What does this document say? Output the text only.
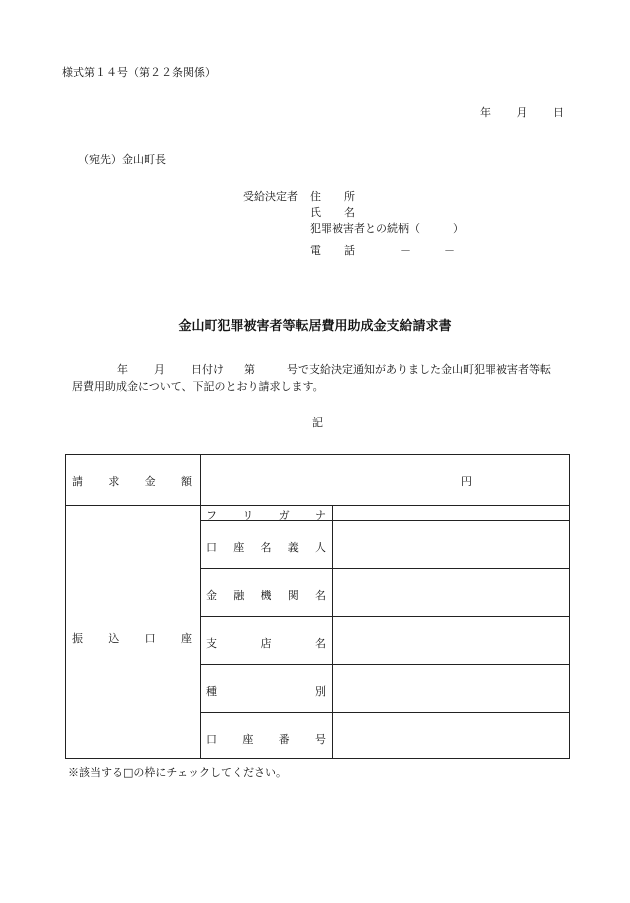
様式第１４号（第２２条関係）
年 月 日
（宛先）金山町長
受給決定者 住 所
氏 名
犯罪被害者との続柄（　　　）
電 話	－	－
金山町犯罪被害者等転居費用助成金支給請求書
年 月 日付け 第	号で支給決定通知がありました金山町犯罪被害者等転
居費用助成金について、下記のとおり請求します。
記
請 求 金 額	円
振 込 口 座
フ リ ガ ナ
口 座 名 義 人
金 融 機 関 名
支	店	名
種	別
口 座 番 号
※該当する□の枠にチェックしてください。
